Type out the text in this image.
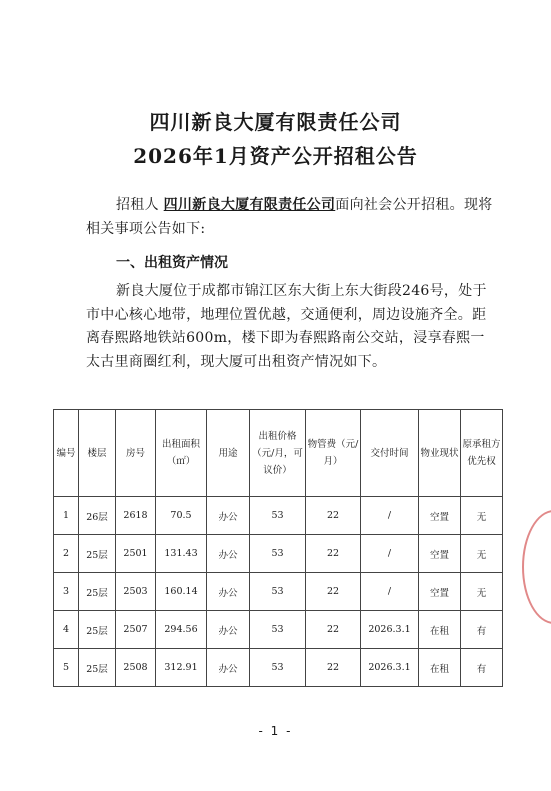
四川新良大厦有限责任公司
2026年1月资产公开招租公告
招租人 四川新良大厦有限责任公司面向社会公开招租。现将相关事项公告如下:
一、出租资产情况
新良大厦位于成都市锦江区东大街上东大街段246号，处于市中心核心地带，地理位置优越，交通便利，周边设施齐全。距离春熙路地铁站600m，楼下即为春熙路南公交站，浸享春熙一太古里商圈红利，现大厦可出租资产情况如下。
编号	楼层	房号	出租面积（㎡）	用途	出租价格（元/月，可议价）	物管费（元/月）	交付时间	物业现状	原承租方优先权
1	26层	2618	70.5	办公	53	22	/	空置	无
2	25层	2501	131.43	办公	53	22	/	空置	无
3	25层	2503	160.14	办公	53	22	/	空置	无
4	25层	2507	294.56	办公	53	22	2026.3.1	在租	有
5	25层	2508	312.91	办公	53	22	2026.3.1	在租	有
- 1 -
